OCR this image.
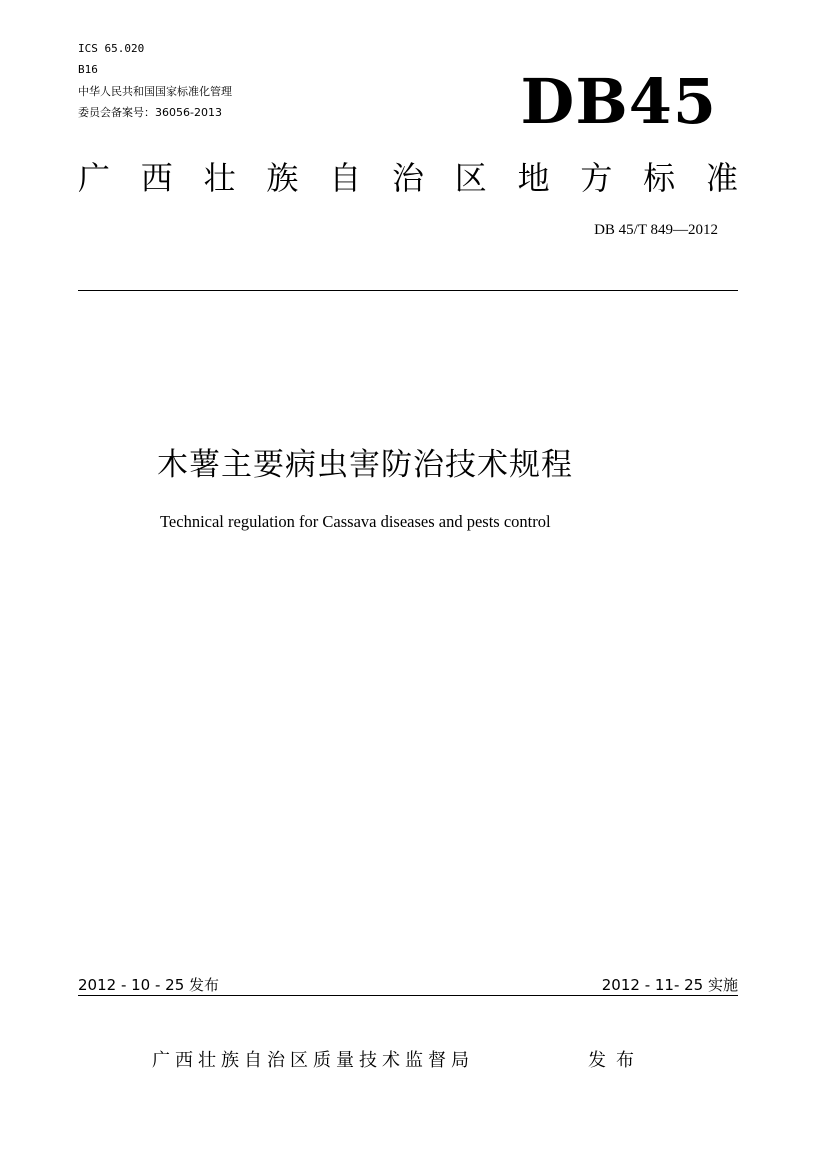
ICS 65.020
B16
中华人民共和国国家标准化管理
委员会备案号：36056-2013	DB45
广 西 壮 族 自 治 区 地 方 标 准
DB 45/T 849—2012
木薯主要病虫害防治技术规程
Technical regulation for Cassava diseases and pests control
2012 - 10 - 25 发布	2012 - 11- 25 实施
广西壮族自治区质量技术监督局	发布
